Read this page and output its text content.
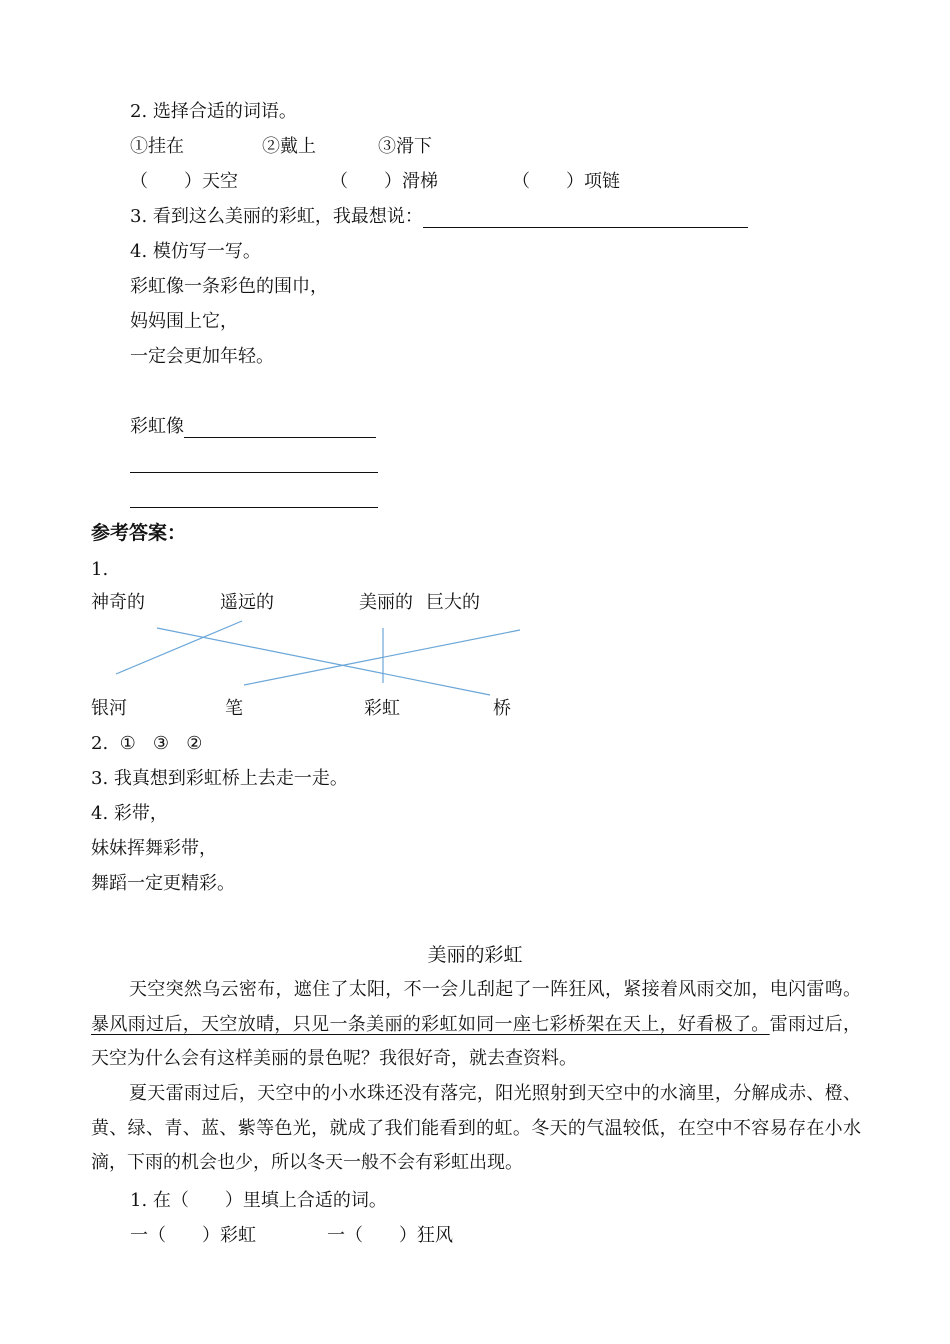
2. 选择合适的词语。
①挂在	②戴上	③滑下
（　　）天空	（　　）滑梯	（　　）项链
3. 看到这么美丽的彩虹，我最想说：
4. 模仿写一写。
彩虹像一条彩色的围巾，
妈妈围上它，
一定会更加年轻。
彩虹像
参考答案：
1.
神奇的	遥远的	美丽的 巨大的
银河	笔	彩虹	桥
2.  ①   ③   ②
3. 我真想到彩虹桥上去走一走。
4. 彩带，
妹妹挥舞彩带，
舞蹈一定更精彩。
美丽的彩虹
天空突然乌云密布，遮住了太阳，不一会儿刮起了一阵狂风，紧接着风雨交加，电闪雷鸣。暴风雨过后，天空放晴，只见一条美丽的彩虹如同一座七彩桥架在天上，好看极了。雷雨过后，天空为什么会有这样美丽的景色呢？我很好奇，就去查资料。
夏天雷雨过后，天空中的小水珠还没有落完，阳光照射到天空中的水滴里，分解成赤、橙、黄、绿、青、蓝、紫等色光，就成了我们能看到的虹。冬天的气温较低，在空中不容易存在小水滴，下雨的机会也少，所以冬天一般不会有彩虹出现。
1. 在（　　）里填上合适的词。
一（　　）彩虹	一（　　）狂风
